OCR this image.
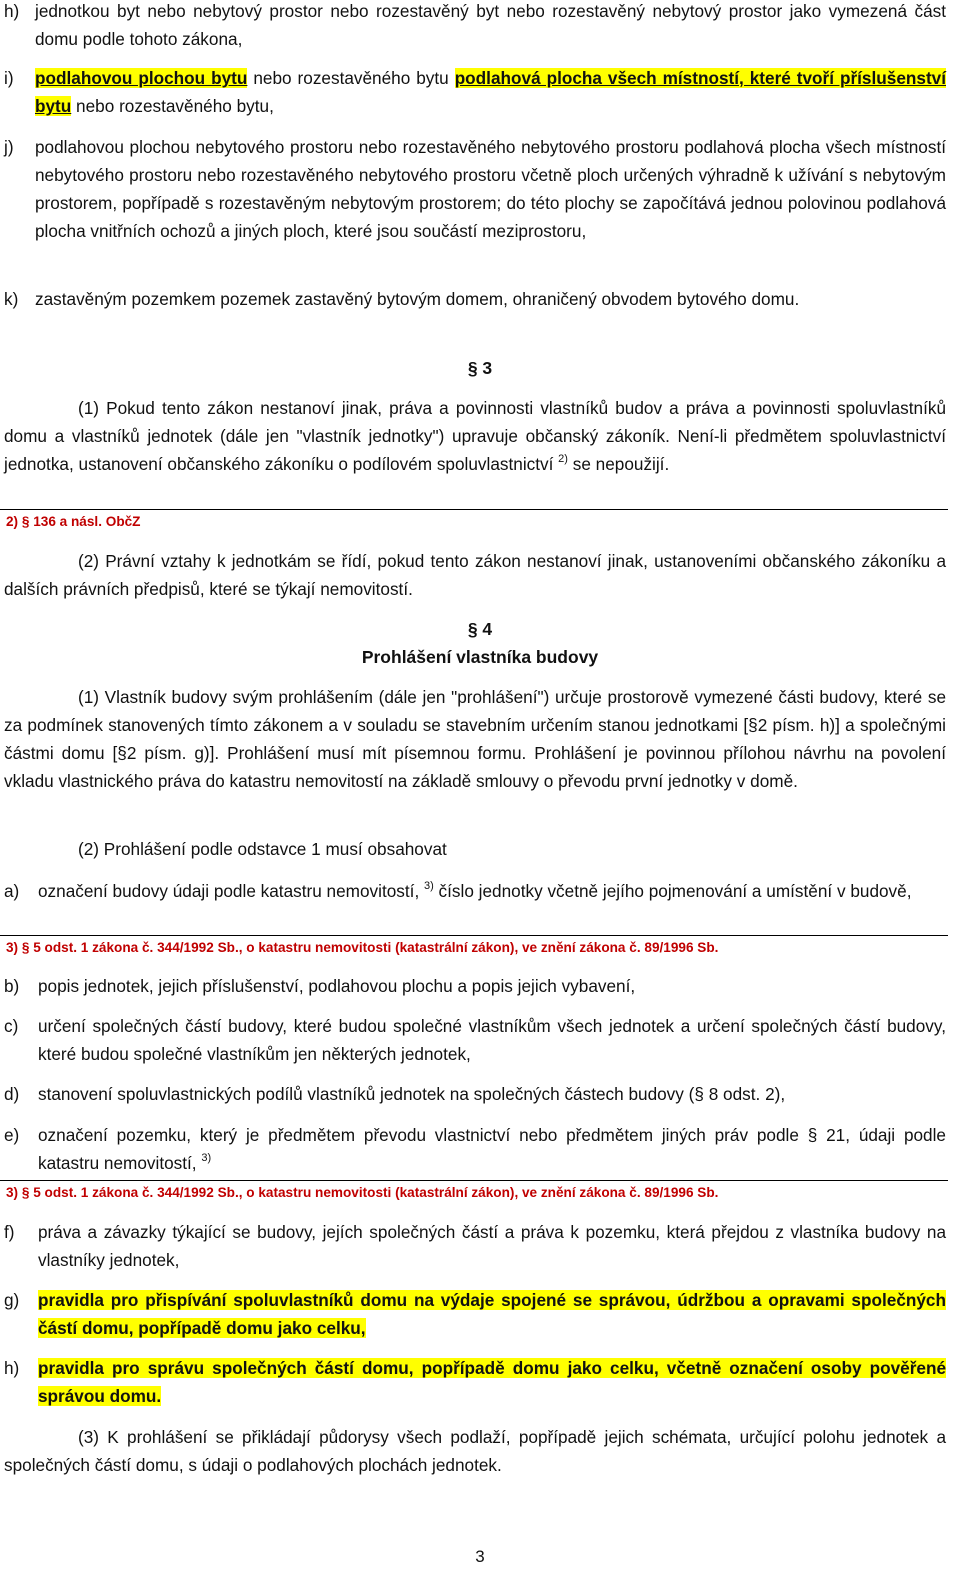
h) jednotkou byt nebo nebytový prostor nebo rozestavěný byt nebo rozestavěný nebytový prostor jako vymezená část domu podle tohoto zákona,
i)	podlahovou plochou bytu nebo rozestavěného bytu podlahová plocha všech místností, které tvoří příslušenství bytu nebo rozestavěného bytu,
j)	podlahovou plochou nebytového prostoru nebo rozestavěného nebytového prostoru podlahová plocha všech místností nebytového prostoru nebo rozestavěného nebytového prostoru včetně ploch určených výhradně k užívání s nebytovým prostorem, popřípadě s rozestavěným nebytovým prostorem; do této plochy se započítává jednou polovinou podlahová plocha vnitřních ochozů a jiných ploch, které jsou součástí meziprostoru,
k) zastavěným pozemkem pozemek zastavěný bytovým domem, ohraničený obvodem bytového domu.
§ 3

(1) Pokud tento zákon nestanoví jinak, práva a povinnosti vlastníků budov a práva a povinnosti spoluvlastníků domu a vlastníků jednotek (dále jen "vlastník jednotky") upravuje občanský zákoník. Není-li předmětem spoluvlastnictví jednotka, ustanovení občanského zákoníku o podílovém spoluvlastnictví $^{2)}$ se nepoužijí.

2) § 136 a násl. ObčZ

(2) Právní vztahy k jednotkám se řídí, pokud tento zákon nestanoví jinak, ustanoveními občanského zákoníku a dalších právních předpisů, které se týkají nemovitostí.

§ 4
Prohlášení vlastníka budovy

(1) Vlastník budovy svým prohlášením (dále jen "prohlášení") určuje prostorově vymezené části budovy, které se za podmínek stanovených tímto zákonem a v souladu se stavebním určením stanou jednotkami [§2 písm. h)] a společnými částmi domu [§2 písm. g)]. Prohlášení musí mít písemnou formu. Prohlášení je povinnou přílohou návrhu na povolení vkladu vlastnického práva do katastru nemovitostí na základě smlouvy o převodu první jednotky v domě.

(2) Prohlášení podle odstavce 1 musí obsahovat

a)	označení budovy údaji podle katastru nemovitostí, $^{3)}$ číslo jednotky včetně jejího pojmenování a umístění v budově,
3) § 5 odst. 1 zákona č. 344/1992 Sb., o katastru nemovitosti (katastrální zákon), ve znění zákona č. 89/1996 Sb.
b)	popis jednotek, jejich příslušenství, podlahovou plochu a popis jejich vybavení,
c)	určení společných částí budovy, které budou společné vlastníkům všech jednotek a určení společných částí budovy, které budou společné vlastníkům jen některých jednotek,
d)	stanovení spoluvlastnických podílů vlastníků jednotek na společných částech budovy (§ 8 odst. 2),
e)	označení pozemku, který je předmětem převodu vlastnictví nebo předmětem jiných práv podle § 21, údaji podle katastru nemovitostí, $^{3)}$
3) § 5 odst. 1 zákona č. 344/1992 Sb., o katastru nemovitosti (katastrální zákon), ve znění zákona č. 89/1996 Sb.
f)	práva a závazky týkající se budovy, jejích společných částí a práva k pozemku, která přejdou z vlastníka budovy na vlastníky jednotek,
g)	pravidla pro přispívání spoluvlastníků domu na výdaje spojené se správou, údržbou a opravami společných částí domu, popřípadě domu jako celku,
h)	pravidla pro správu společných částí domu, popřípadě domu jako celku, včetně označení osoby pověřené správou domu.

(3) K prohlášení se přikládají půdorysy všech podlaží, popřípadě jejich schémata, určující polohu jednotek a společných částí domu, s údaji o podlahových plochách jednotek.

3
